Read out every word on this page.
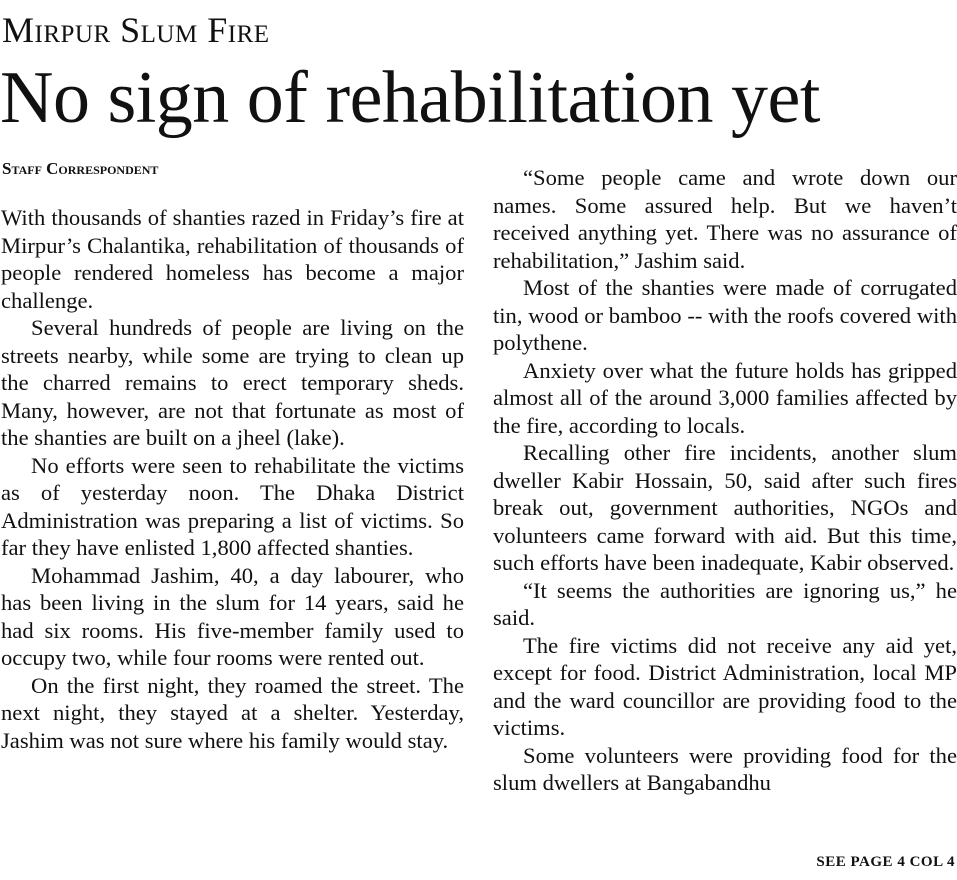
Mirpur Slum Fire
No sign of rehabilitation yet
Staff Correspondent

With thousands of shanties razed in Friday’s fire at Mirpur’s Chalantika, rehabilitation of thousands of people rendered homeless has become a major challenge.

Several hundreds of people are living on the streets nearby, while some are trying to clean up the charred remains to erect temporary sheds. Many, however, are not that fortunate as most of the shanties are built on a jheel (lake).

No efforts were seen to rehabilitate the victims as of yesterday noon. The Dhaka District Administration was preparing a list of victims. So far they have enlisted 1,800 affected shanties.

Mohammad Jashim, 40, a day labourer, who has been living in the slum for 14 years, said he had six rooms. His five-member family used to occupy two, while four rooms were rented out.

On the first night, they roamed the street. The next night, they stayed at a shelter. Yesterday, Jashim was not sure where his family would stay.

“Some people came and wrote down our names. Some assured help. But we haven’t received anything yet. There was no assurance of rehabilitation,” Jashim said.

Most of the shanties were made of corrugated tin, wood or bamboo -- with the roofs covered with polythene.

Anxiety over what the future holds has gripped almost all of the around 3,000 families affected by the fire, according to locals.

Recalling other fire incidents, another slum dweller Kabir Hossain, 50, said after such fires break out, government authorities, NGOs and volunteers came forward with aid. But this time, such efforts have been inadequate, Kabir observed.

“It seems the authorities are ignoring us,” he said.

The fire victims did not receive any aid yet, except for food. District Administration, local MP and the ward councillor are providing food to the victims.

Some volunteers were providing food for the slum dwellers at Bangabandhu

SEE PAGE 4 COL 4
